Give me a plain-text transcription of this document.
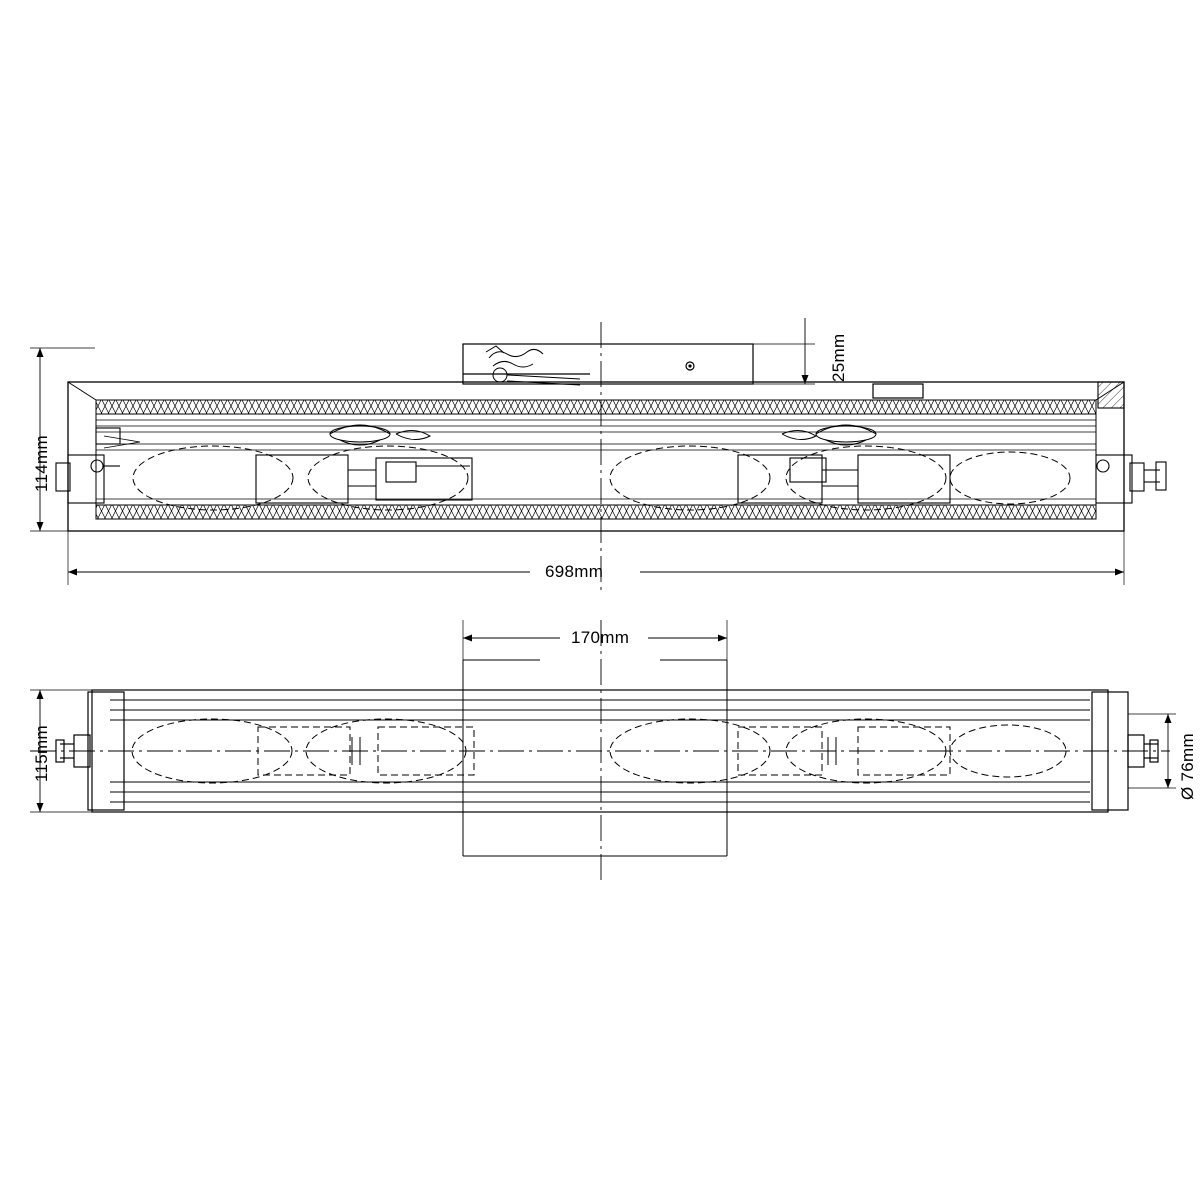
114mm
698mm
25mm
170mm
115mm	Ø 76mm
